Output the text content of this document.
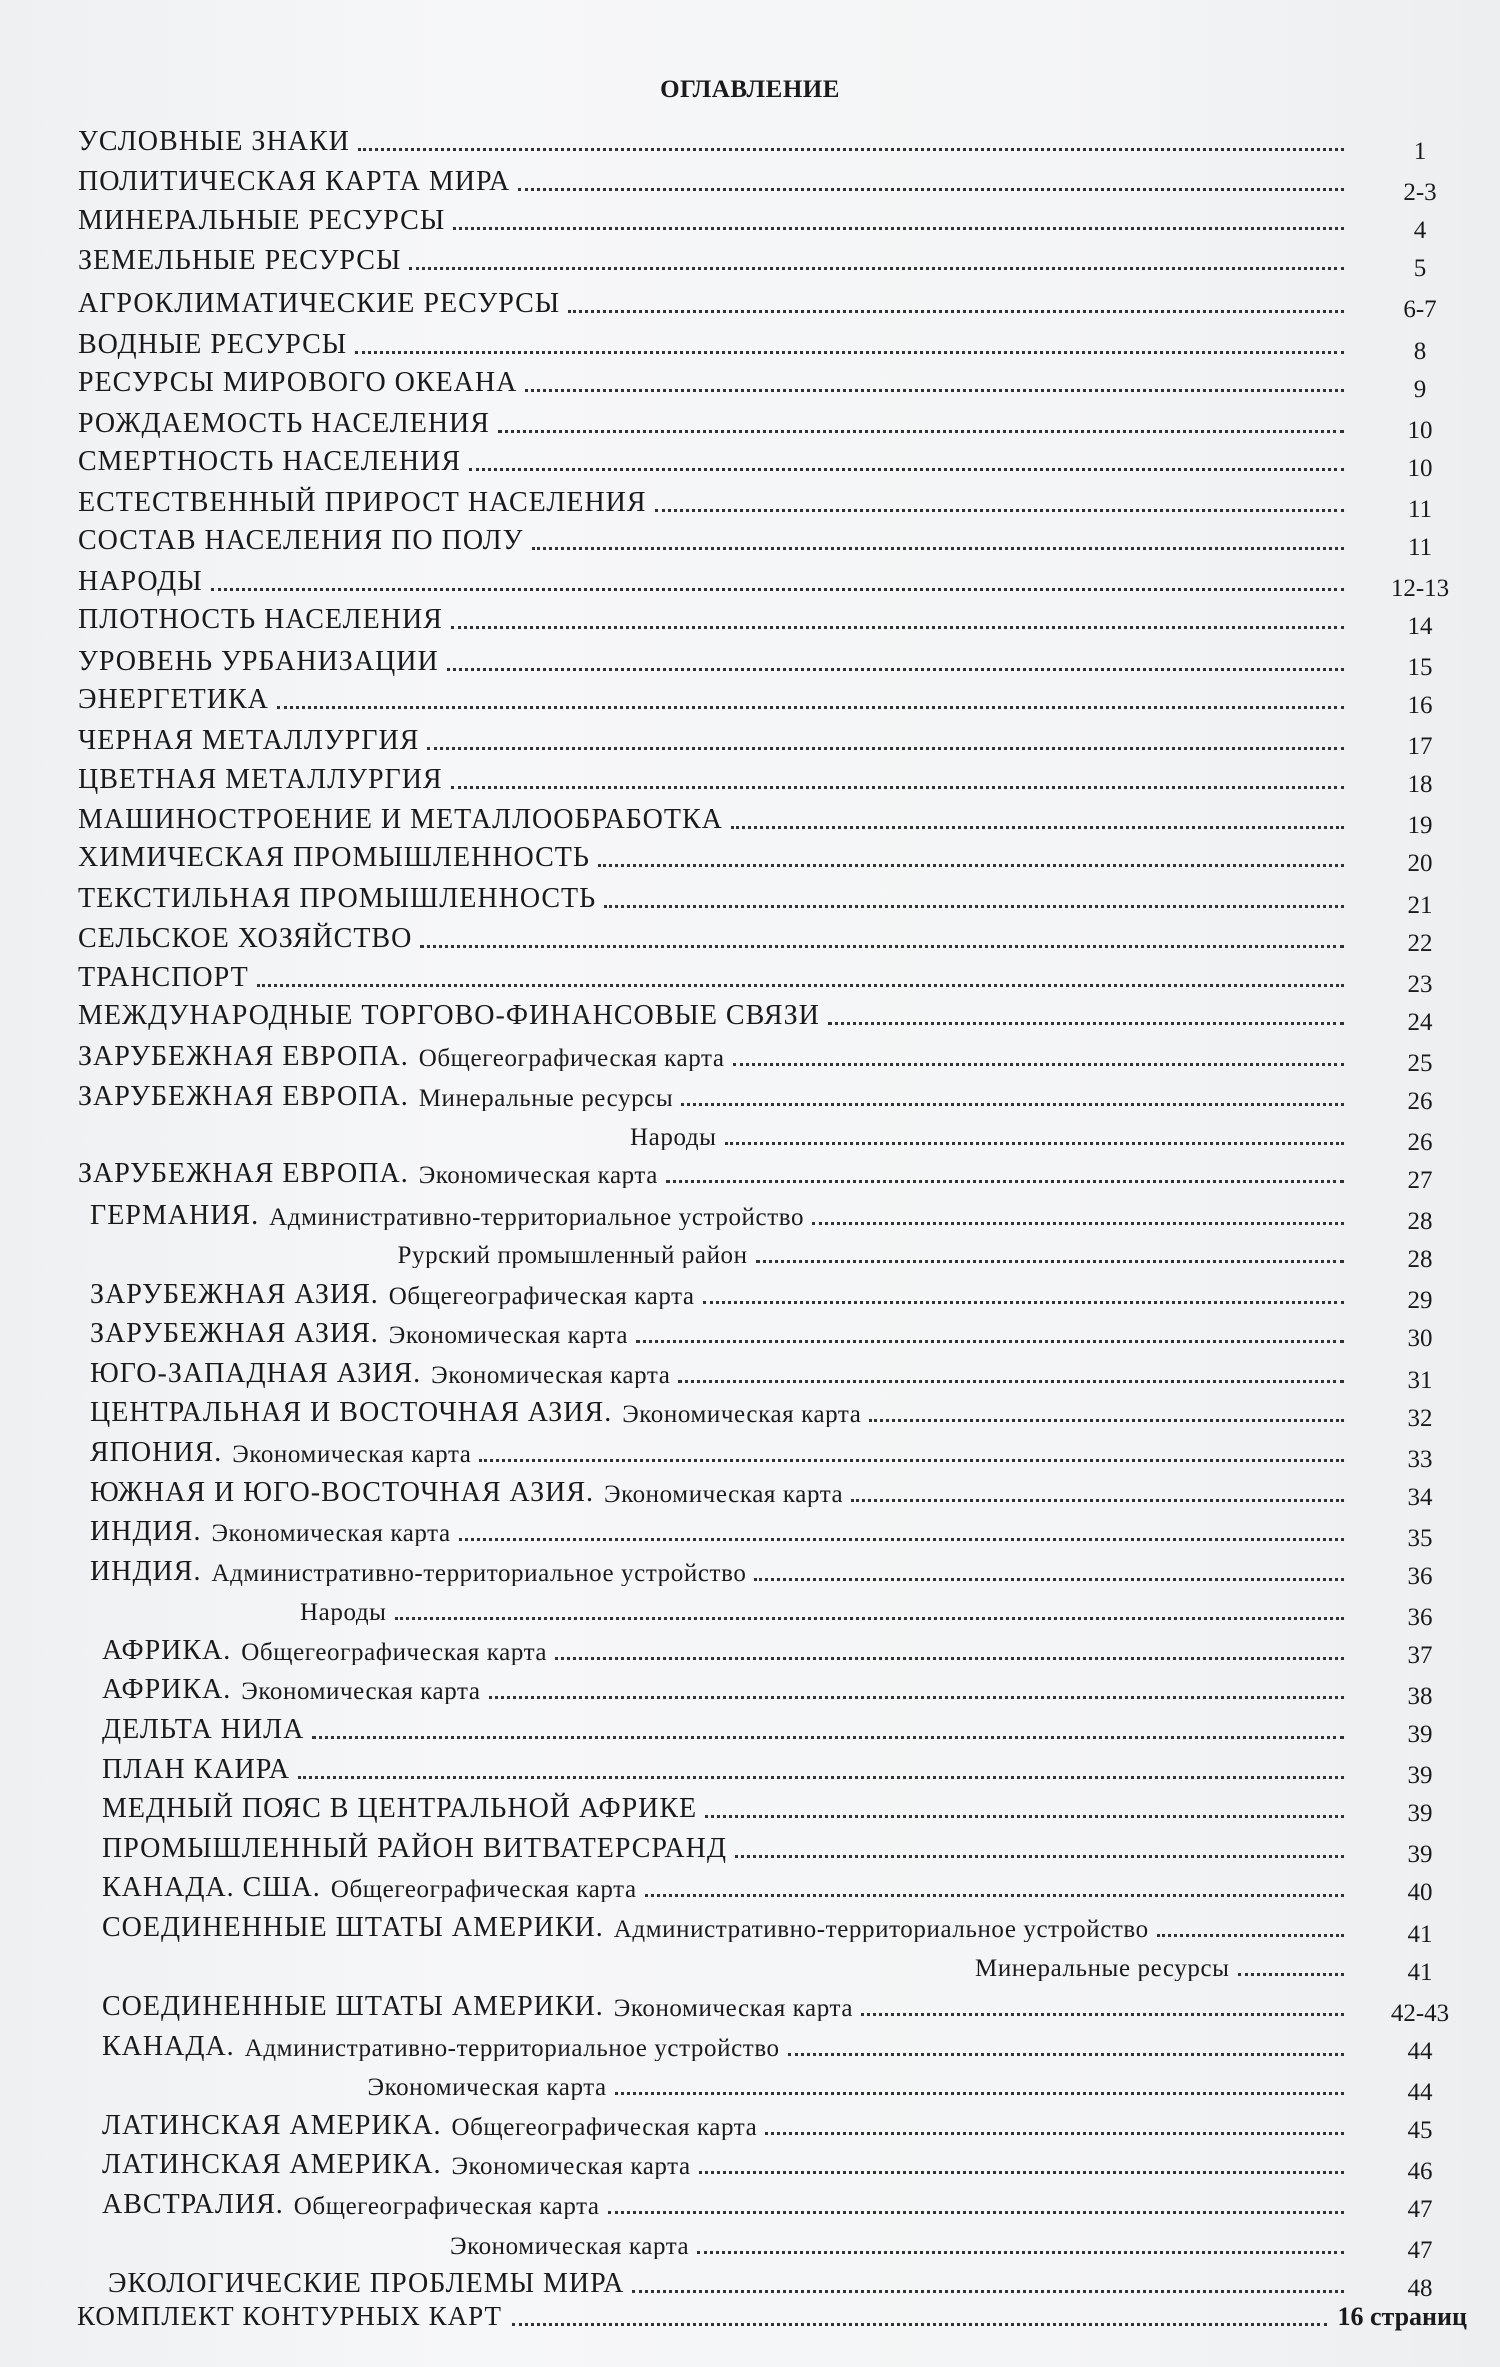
ОГЛАВЛЕНИЕ
УСЛОВНЫЕ ЗНАКИ	1
ПОЛИТИЧЕСКАЯ КАРТА МИРА	2-3
МИНЕРАЛЬНЫЕ РЕСУРСЫ	4
ЗЕМЕЛЬНЫЕ РЕСУРСЫ	5
АГРОКЛИМАТИЧЕСКИЕ РЕСУРСЫ	6-7
ВОДНЫЕ РЕСУРСЫ	8
РЕСУРСЫ МИРОВОГО ОКЕАНА	9
РОЖДАЕМОСТЬ НАСЕЛЕНИЯ	10
СМЕРТНОСТЬ НАСЕЛЕНИЯ	10
ЕСТЕСТВЕННЫЙ ПРИРОСТ НАСЕЛЕНИЯ	11
СОСТАВ НАСЕЛЕНИЯ ПО ПОЛУ	11
НАРОДЫ	12-13
ПЛОТНОСТЬ НАСЕЛЕНИЯ	14
УРОВЕНЬ УРБАНИЗАЦИИ	15
ЭНЕРГЕТИКА	16
ЧЕРНАЯ МЕТАЛЛУРГИЯ	17
ЦВЕТНАЯ МЕТАЛЛУРГИЯ	18
МАШИНОСТРОЕНИЕ И МЕТАЛЛООБРАБОТКА	19
ХИМИЧЕСКАЯ ПРОМЫШЛЕННОСТЬ	20
ТЕКСТИЛЬНАЯ ПРОМЫШЛЕННОСТЬ	21
СЕЛЬСКОЕ ХОЗЯЙСТВО	22
ТРАНСПОРТ	23
МЕЖДУНАРОДНЫЕ ТОРГОВО-ФИНАНСОВЫЕ СВЯЗИ	24
ЗАРУБЕЖНАЯ ЕВРОПА. Общегеографическая карта	25
ЗАРУБЕЖНАЯ ЕВРОПА. Минеральные ресурсы	26
Народы	26
ЗАРУБЕЖНАЯ ЕВРОПА. Экономическая карта	27
ГЕРМАНИЯ. Административно-территориальное устройство	28
Рурский промышленный район	28
ЗАРУБЕЖНАЯ АЗИЯ. Общегеографическая карта	29
ЗАРУБЕЖНАЯ АЗИЯ. Экономическая карта	30
ЮГО-ЗАПАДНАЯ АЗИЯ. Экономическая карта	31
ЦЕНТРАЛЬНАЯ И ВОСТОЧНАЯ АЗИЯ. Экономическая карта	32
ЯПОНИЯ. Экономическая карта	33
ЮЖНАЯ И ЮГО-ВОСТОЧНАЯ АЗИЯ. Экономическая карта	34
ИНДИЯ. Экономическая карта	35
ИНДИЯ. Административно-территориальное устройство	36
Народы	36
АФРИКА. Общегеографическая карта	37
АФРИКА. Экономическая карта	38
ДЕЛЬТА НИЛА	39
ПЛАН КАИРА	39
МЕДНЫЙ ПОЯС В ЦЕНТРАЛЬНОЙ АФРИКЕ	39
ПРОМЫШЛЕННЫЙ РАЙОН ВИТВАТЕРСРАНД	39
КАНАДА. США. Общегеографическая карта	40
СОЕДИНЕННЫЕ ШТАТЫ АМЕРИКИ. Административно-территориальное устройство	41
Минеральные ресурсы	41
СОЕДИНЕННЫЕ ШТАТЫ АМЕРИКИ. Экономическая карта	42-43
КАНАДА. Административно-территориальное устройство	44
Экономическая карта	44
ЛАТИНСКАЯ АМЕРИКА. Общегеографическая карта	45
ЛАТИНСКАЯ АМЕРИКА. Экономическая карта	46
АВСТРАЛИЯ. Общегеографическая карта	47
Экономическая карта	47
ЭКОЛОГИЧЕСКИЕ ПРОБЛЕМЫ МИРА	48
КОМПЛЕКТ КОНТУРНЫХ КАРТ	16 страниц
